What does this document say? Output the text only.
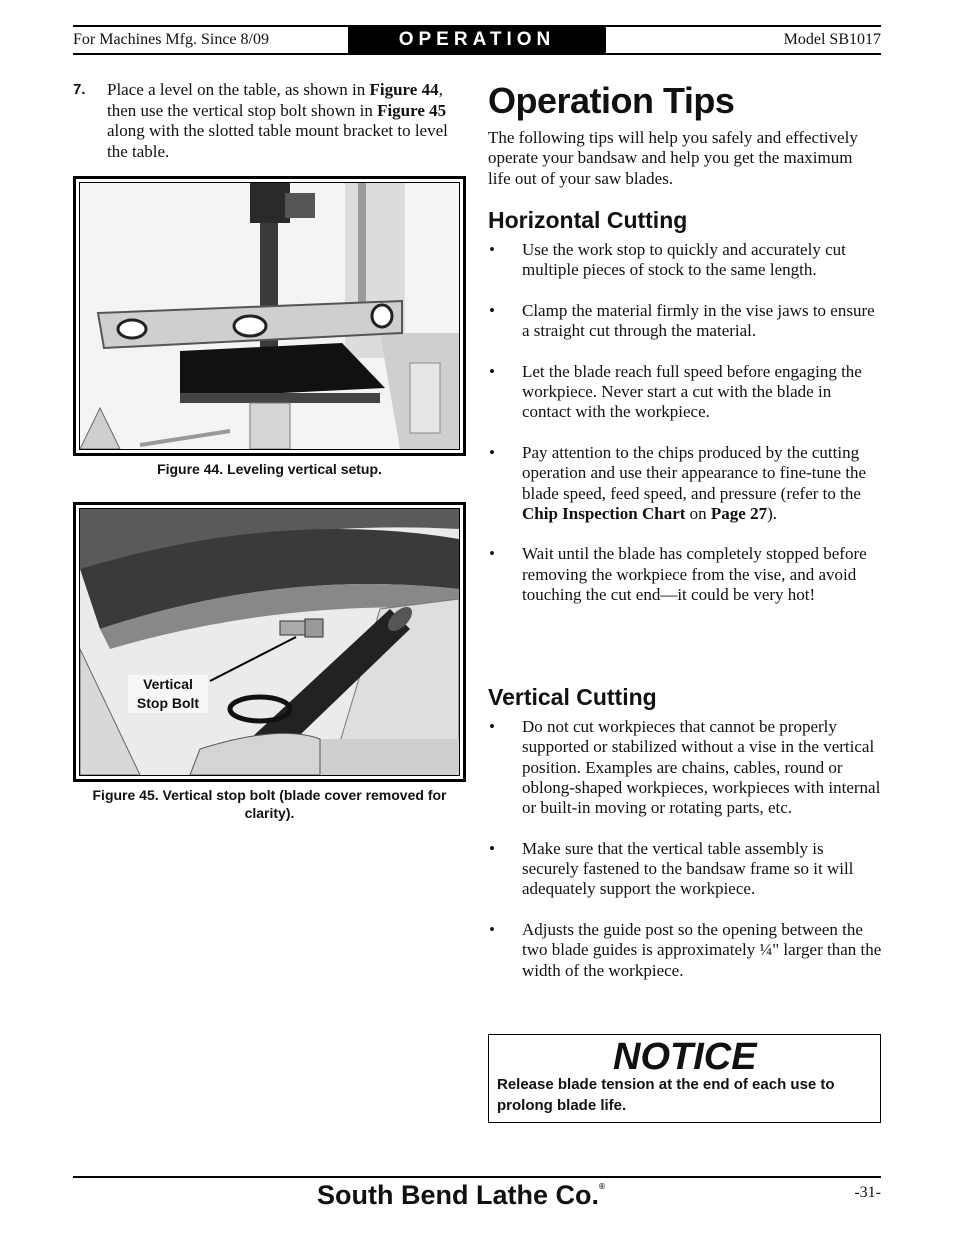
For Machines Mfg. Since 8/09	OPERATION	Model SB1017
7. Place a level on the table, as shown in Figure 44, then use the vertical stop bolt shown in Figure 45 along with the slotted table mount bracket to level the table.
Figure 44. Leveling vertical setup.
Vertical
Stop Bolt
Figure 45. Vertical stop bolt (blade cover removed for clarity).
Operation Tips
The following tips will help you safely and effectively operate your bandsaw and help you get the maximum life out of your saw blades.
Horizontal Cutting
• Use the work stop to quickly and accurately cut multiple pieces of stock to the same length.
• Clamp the material firmly in the vise jaws to ensure a straight cut through the material.
• Let the blade reach full speed before engaging the workpiece. Never start a cut with the blade in contact with the workpiece.
• Pay attention to the chips produced by the cutting operation and use their appearance to fine-tune the blade speed, feed speed, and pressure (refer to the Chip Inspection Chart on Page 27).
• Wait until the blade has completely stopped before removing the workpiece from the vise, and avoid touching the cut end—it could be very hot!
Vertical Cutting
• Do not cut workpieces that cannot be properly supported or stabilized without a vise in the vertical position. Examples are chains, cables, round or oblong-shaped workpieces, workpieces with internal or built-in moving or rotating parts, etc.
• Make sure that the vertical table assembly is securely fastened to the bandsaw frame so it will adequately support the workpiece.
• Adjusts the guide post so the opening between the two blade guides is approximately ¼" larger than the width of the workpiece.
NOTICE
Release blade tension at the end of each use to prolong blade life.
South Bend Lathe Co.®	-31-
